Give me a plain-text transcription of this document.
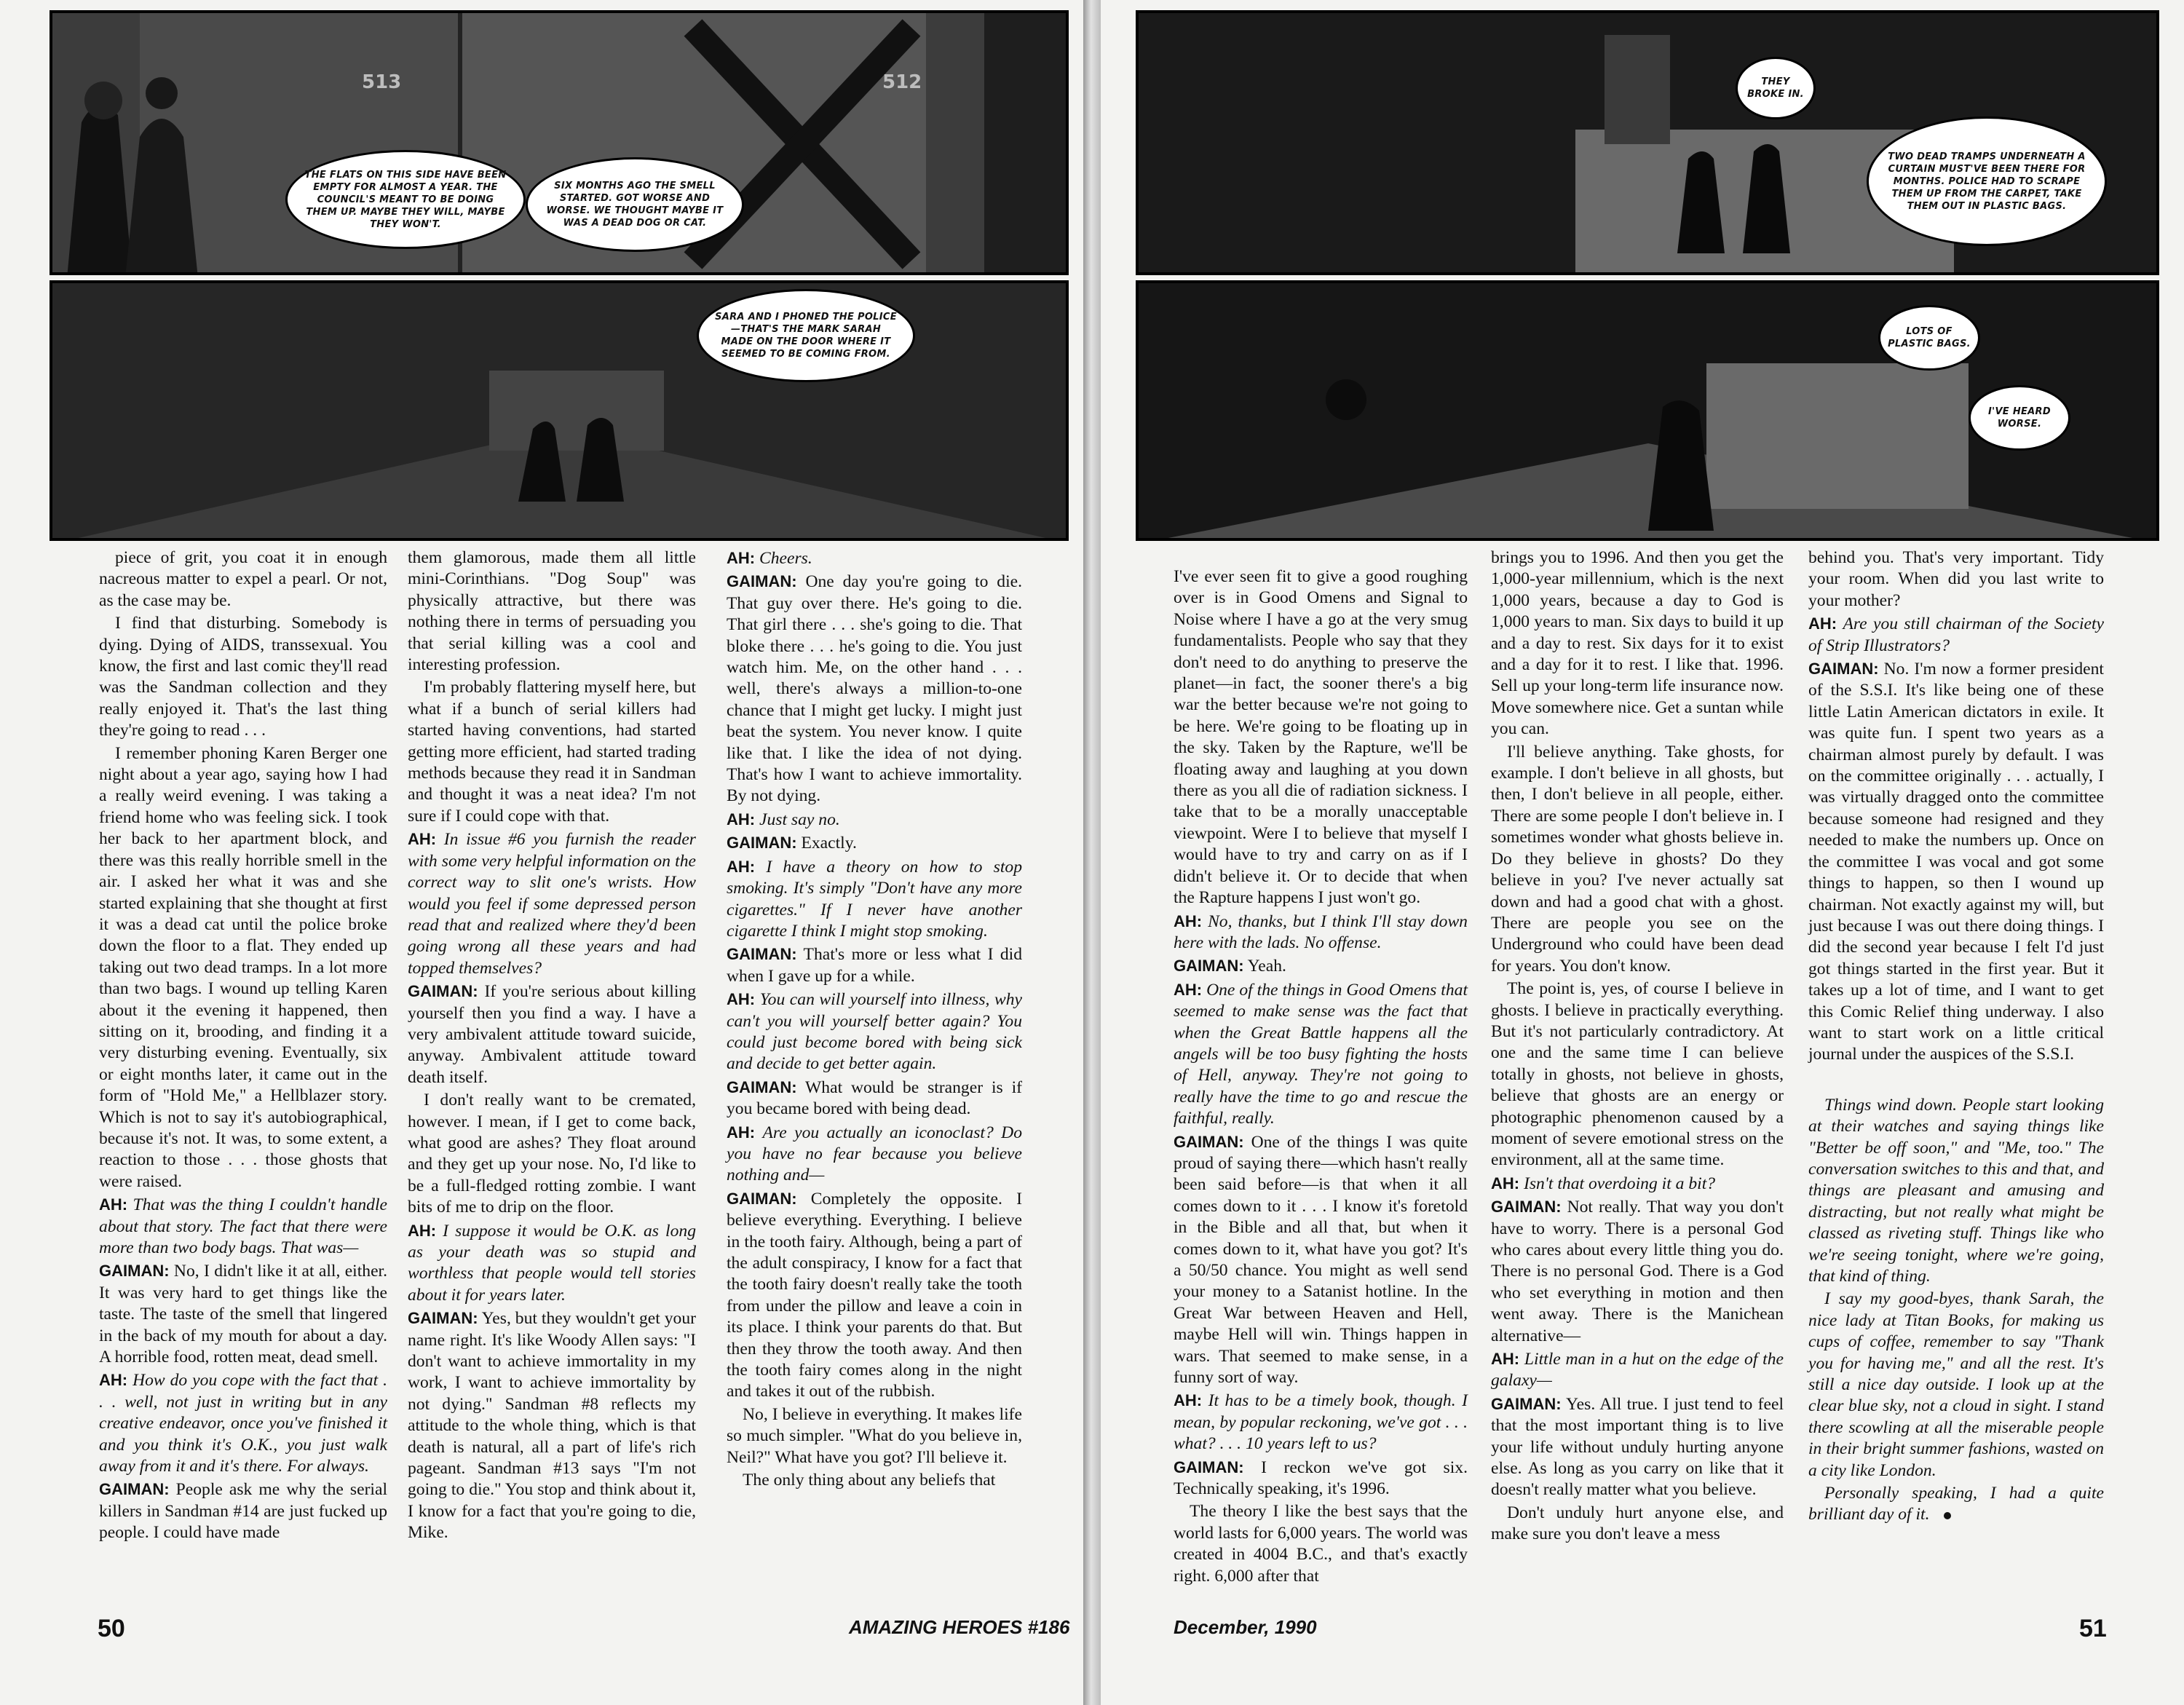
513	512
THE FLATS ON THIS SIDE HAVE BEEN EMPTY FOR ALMOST A YEAR. THE COUNCIL'S MEANT TO BE DOING THEM UP. MAYBE THEY WILL, MAYBE THEY WON'T.
SIX MONTHS AGO THE SMELL STARTED. GOT WORSE AND WORSE. WE THOUGHT MAYBE IT WAS A DEAD DOG OR CAT.
SARA AND I PHONED THE POLICE—THAT'S THE MARK SARAH MADE ON THE DOOR WHERE IT SEEMED TO BE COMING FROM.

piece of grit, you coat it in enough nacreous matter to expel a pearl. Or not, as the case may be.

I find that disturbing. Somebody is dying. Dying of AIDS, transsexual. You know, the first and last comic they'll read was the Sandman collection and they really enjoyed it. That's the last thing they're going to read . . .

I remember phoning Karen Berger one night about a year ago, saying how I had a really weird evening. I was taking a friend home who was feeling sick. I took her back to her apartment block, and there was this really horrible smell in the air. I asked her what it was and she started explaining that she thought at first it was a dead cat until the police broke down the floor to a flat. They ended up taking out two dead tramps. In a lot more than two bags. I wound up telling Karen about it the evening it happened, then sitting on it, brooding, and finding it a very disturbing evening. Eventually, six or eight months later, it came out in the form of "Hold Me," a Hellblazer story. Which is not to say it's autobiographical, because it's not. It was, to some extent, a reaction to those . . . those ghosts that were raised.

AH: That was the thing I couldn't handle about that story. The fact that there were more than two body bags. That was—

GAIMAN: No, I didn't like it at all, either. It was very hard to get things like the taste. The taste of the smell that lingered in the back of my mouth for about a day. A horrible food, rotten meat, dead smell.

AH: How do you cope with the fact that . . . well, not just in writing but in any creative endeavor, once you've finished it and you think it's O.K., you just walk away from it and it's there. For always.

GAIMAN: People ask me why the serial killers in Sandman #14 are just fucked up people. I could have made

them glamorous, made them all little mini-Corinthians. "Dog Soup" was physically attractive, but there was nothing there in terms of persuading you that serial killing was a cool and interesting profession.

I'm probably flattering myself here, but what if a bunch of serial killers had started having conventions, had started getting more efficient, had started trading methods because they read it in Sandman and thought it was a neat idea? I'm not sure if I could cope with that.

AH: In issue #6 you furnish the reader with some very helpful information on the correct way to slit one's wrists. How would you feel if some depressed person read that and realized where they'd been going wrong all these years and had topped themselves?

GAIMAN: If you're serious about killing yourself then you find a way. I have a very ambivalent attitude toward suicide, anyway. Ambivalent attitude toward death itself.

I don't really want to be cremated, however. I mean, if I get to come back, what good are ashes? They float around and they get up your nose. No, I'd like to be a full-fledged rotting zombie. I want bits of me to drip on the floor.

AH: I suppose it would be O.K. as long as your death was so stupid and worthless that people would tell stories about it for years later.

GAIMAN: Yes, but they wouldn't get your name right. It's like Woody Allen says: "I don't want to achieve immortality in my work, I want to achieve immortality by not dying." Sandman #8 reflects my attitude to the whole thing, which is that death is natural, all a part of life's rich pageant. Sandman #13 says "I'm not going to die." You stop and think about it, I know for a fact that you're going to die, Mike.

AH: Cheers.

GAIMAN: One day you're going to die. That guy over there. He's going to die. That girl there . . . she's going to die. That bloke there . . . he's going to die. You just watch him. Me, on the other hand . . . well, there's always a million-to-one chance that I might get lucky. I might just beat the system. You never know. I quite like that. I like the idea of not dying. That's how I want to achieve immortality. By not dying.

AH: Just say no.

GAIMAN: Exactly.

AH: I have a theory on how to stop smoking. It's simply "Don't have any more cigarettes." If I never have another cigarette I think I might stop smoking.

GAIMAN: That's more or less what I did when I gave up for a while.

AH: You can will yourself into illness, why can't you will yourself better again? You could just become bored with being sick and decide to get better again.

GAIMAN: What would be stranger is if you became bored with being dead.

AH: Are you actually an iconoclast? Do you have no fear because you believe nothing and—

GAIMAN: Completely the opposite. I believe everything. Everything. I believe in the tooth fairy. Although, being a part of the adult conspiracy, I know for a fact that the tooth fairy doesn't really take the tooth from under the pillow and leave a coin in its place. I think your parents do that. But then they throw the tooth away. And then the tooth fairy comes along in the night and takes it out of the rubbish.

No, I believe in everything. It makes life so much simpler. "What do you believe in, Neil?" What have you got? I'll believe it.

The only thing about any beliefs that

50	AMAZING HEROES #186
THEY BROKE IN.
TWO DEAD TRAMPS UNDERNEATH A CURTAIN MUST'VE BEEN THERE FOR MONTHS. POLICE HAD TO SCRAPE THEM UP FROM THE CARPET, TAKE THEM OUT IN PLASTIC BAGS.
LOTS OF PLASTIC BAGS.
I'VE HEARD WORSE.

I've ever seen fit to give a good roughing over is in Good Omens and Signal to Noise where I have a go at the very smug fundamentalists. People who say that they don't need to do anything to preserve the planet—in fact, the sooner there's a big war the better because we're not going to be here. We're going to be floating up in the sky. Taken by the Rapture, we'll be floating away and laughing at you down there as you all die of radiation sickness. I take that to be a morally unacceptable viewpoint. Were I to believe that myself I would have to try and carry on as if I didn't believe it. Or to decide that when the Rapture happens I just won't go.

AH: No, thanks, but I think I'll stay down here with the lads. No offense.

GAIMAN: Yeah.

AH: One of the things in Good Omens that seemed to make sense was the fact that when the Great Battle happens all the angels will be too busy fighting the hosts of Hell, anyway. They're not going to really have the time to go and rescue the faithful, really.

GAIMAN: One of the things I was quite proud of saying there—which hasn't really been said before—is that when it all comes down to it . . . I know it's foretold in the Bible and all that, but when it comes down to it, what have you got? It's a 50/50 chance. You might as well send your money to a Satanist hotline. In the Great War between Heaven and Hell, maybe Hell will win. Things happen in wars. That seemed to make sense, in a funny sort of way.

AH: It has to be a timely book, though. I mean, by popular reckoning, we've got . . . what? . . . 10 years left to us?

GAIMAN: I reckon we've got six. Technically speaking, it's 1996.

The theory I like the best says that the world lasts for 6,000 years. The world was created in 4004 B.C., and that's exactly right. 6,000 after that

brings you to 1996. And then you get the 1,000-year millennium, which is the next 1,000 years, because a day to God is 1,000 years to man. Six days to build it up and a day to rest. Six days for it to exist and a day for it to rest. I like that. 1996. Sell up your long-term life insurance now. Move somewhere nice. Get a suntan while you can.

I'll believe anything. Take ghosts, for example. I don't believe in all ghosts, but then, I don't believe in all people, either. There are some people I don't believe in. I sometimes wonder what ghosts believe in. Do they believe in ghosts? Do they believe in you? I've never actually sat down and had a good chat with a ghost. There are people you see on the Underground who could have been dead for years. You don't know.

The point is, yes, of course I believe in ghosts. I believe in practically everything. But it's not particularly contradictory. At one and the same time I can believe totally in ghosts, not believe in ghosts, believe that ghosts are an energy or photographic phenomenon caused by a moment of severe emotional stress on the environment, all at the same time.

AH: Isn't that overdoing it a bit?

GAIMAN: Not really. That way you don't have to worry. There is a personal God who cares about every little thing you do. There is no personal God. There is a God who set everything in motion and then went away. There is the Manichean alternative—

AH: Little man in a hut on the edge of the galaxy—

GAIMAN: Yes. All true. I just tend to feel that the most important thing is to live your life without unduly hurting anyone else. As long as you carry on like that it doesn't really matter what you believe.

Don't unduly hurt anyone else, and make sure you don't leave a mess

behind you. That's very important. Tidy your room. When did you last write to your mother?

AH: Are you still chairman of the Society of Strip Illustrators?

GAIMAN: No. I'm now a former president of the S.S.I. It's like being one of these little Latin American dictators in exile. It was quite fun. I spent two years as a chairman almost purely by default. I was on the committee originally . . . actually, I was virtually dragged onto the committee because someone had resigned and they needed to make the numbers up. Once on the committee I was vocal and got some things to happen, so then I wound up chairman. Not exactly against my will, but just because I was out there doing things. I did the second year because I felt I'd just got things started in the first year. But it takes up a lot of time, and I want to get this Comic Relief thing underway. I also want to start work on a little critical journal under the auspices of the S.S.I.

Things wind down. People start looking at their watches and saying things like "Better be off soon," and "Me, too." The conversation switches to this and that, and things are pleasant and amusing and distracting, but not really what might be classed as riveting stuff. Things like who we're seeing tonight, where we're going, that kind of thing.

I say my good-byes, thank Sarah, the nice lady at Titan Books, for making us cups of coffee, remember to say "Thank you for having me," and all the rest. It's still a nice day outside. I look up at the clear blue sky, not a cloud in sight. I stand there scowling at all the miserable people in their bright summer fashions, wasted on a city like London.

Personally speaking, I had a quite brilliant day of it.

December, 1990	51
